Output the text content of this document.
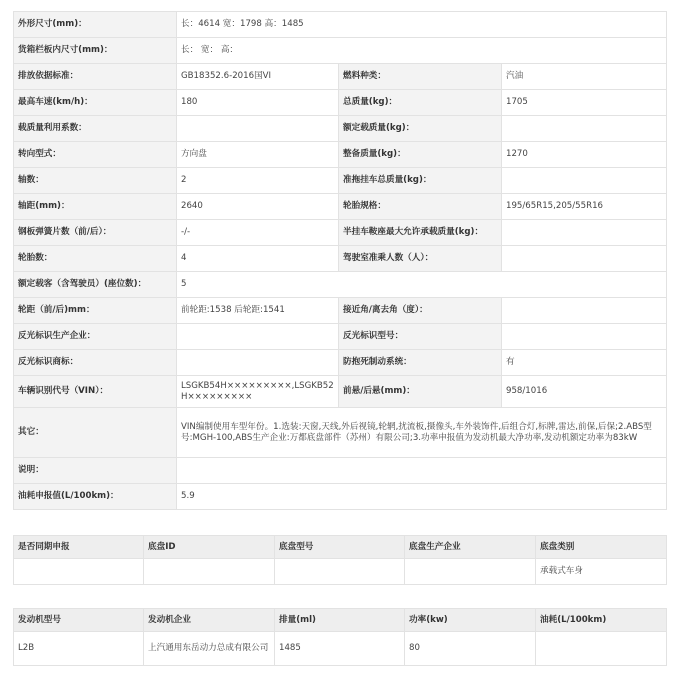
外形尺寸(mm)：	长：4614 宽：1798 高：1485		
货箱栏板内尺寸(mm)：	长： 宽： 高：		
排放依据标准：	GB18352.6-2016国VI	燃料种类：	汽油
最高车速(km/h)：	180	总质量(kg)：	1705
载质量利用系数：		额定载质量(kg)：	
转向型式：	方向盘	整备质量(kg)：	1270
轴数：	2	准拖挂车总质量(kg)：	
轴距(mm)：	2640	轮胎规格：	195/65R15,205/55R16
钢板弹簧片数（前/后）：	-/-	半挂车鞍座最大允许承载质量(kg)：	
轮胎数：	4	驾驶室准乘人数（人）：	
额定载客（含驾驶员）(座位数)：	5		
轮距（前/后)mm：	前轮距:1538 后轮距:1541	接近角/离去角（度）：	
反光标识生产企业：		反光标识型号：	
反光标识商标：		防抱死制动系统：	有
车辆识别代号（VIN）：	LSGKB54H×××××××××,LSGKB52H×××××××××	前悬/后悬(mm)：	958/1016
其它：	VIN编制使用车型年份。1.选装:天窗,天线,外后视镜,轮辋,扰流板,摄像头,车外装饰件,后组合灯,标牌,雷达,前保,后保;2.ABS型号:MGH-100,ABS生产企业:万都底盘部件（苏州）有限公司;3.功率申报值为发动机最大净功率,发动机额定功率为83kW		
说明：			
油耗申报值(L/100km)：	5.9		
是否同期申报	底盘ID	底盘型号	底盘生产企业	底盘类别
				承载式车身
发动机型号	发动机企业	排量(ml)	功率(kw)	油耗(L/100km)
L2B	上汽通用东岳动力总成有限公司	1485	80	
